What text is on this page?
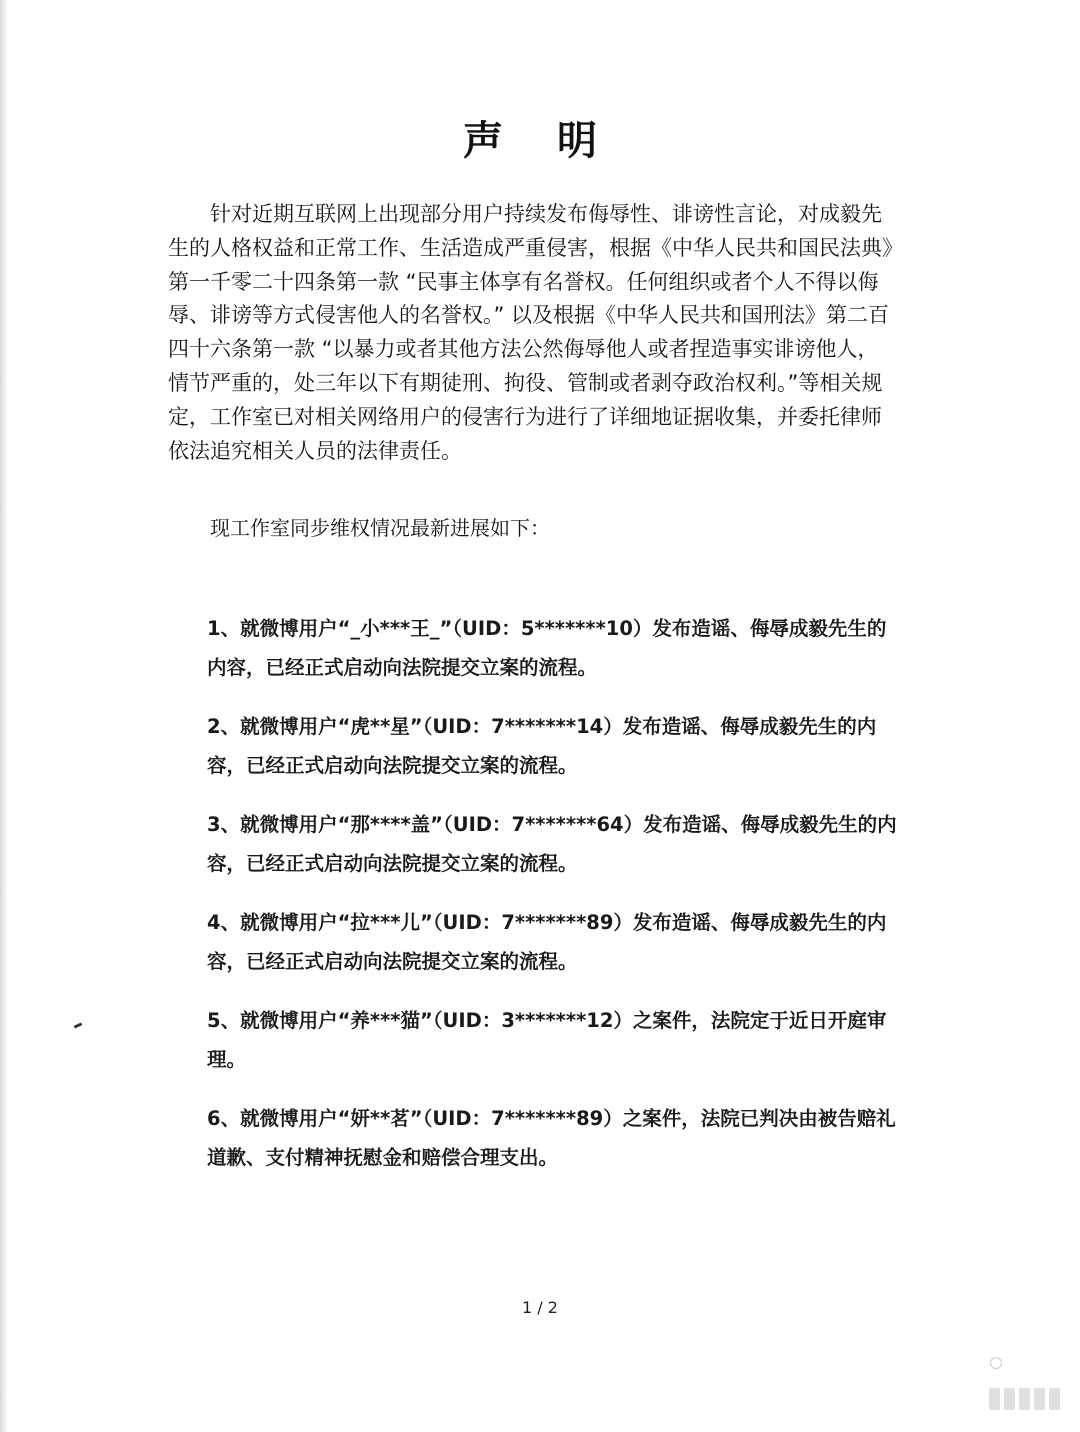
声 明

针对近期互联网上出现部分用户持续发布侮辱性、诽谤性言论，对成毅先生的人格权益和正常工作、生活造成严重侵害，根据《中华人民共和国民法典》第一千零二十四条第一款 “民事主体享有名誉权。任何组织或者个人不得以侮辱、诽谤等方式侵害他人的名誉权。” 以及根据《中华人民共和国刑法》第二百四十六条第一款 “以暴力或者其他方法公然侮辱他人或者捏造事实诽谤他人，情节严重的，处三年以下有期徒刑、拘役、管制或者剥夺政治权利。”等相关规定，工作室已对相关网络用户的侵害行为进行了详细地证据收集，并委托律师依法追究相关人员的法律责任。

现工作室同步维权情况最新进展如下：
1、就微博用户“_小***王_”（UID：5*******10）发布造谣、侮辱成毅先生的内容，已经正式启动向法院提交立案的流程。
2、就微博用户“虎**星”（UID：7*******14）发布造谣、侮辱成毅先生的内容，已经正式启动向法院提交立案的流程。
3、就微博用户“那****盖”（UID：7*******64）发布造谣、侮辱成毅先生的内容，已经正式启动向法院提交立案的流程。
4、就微博用户“拉***儿”（UID：7*******89）发布造谣、侮辱成毅先生的内容，已经正式启动向法院提交立案的流程。
5、就微博用户“养***猫”（UID：3*******12）之案件，法院定于近日开庭审理。
6、就微博用户“妍**茗”（UID：7*******89）之案件，法院已判决由被告赔礼道歉、支付精神抚慰金和赔偿合理支出。
1 / 2
